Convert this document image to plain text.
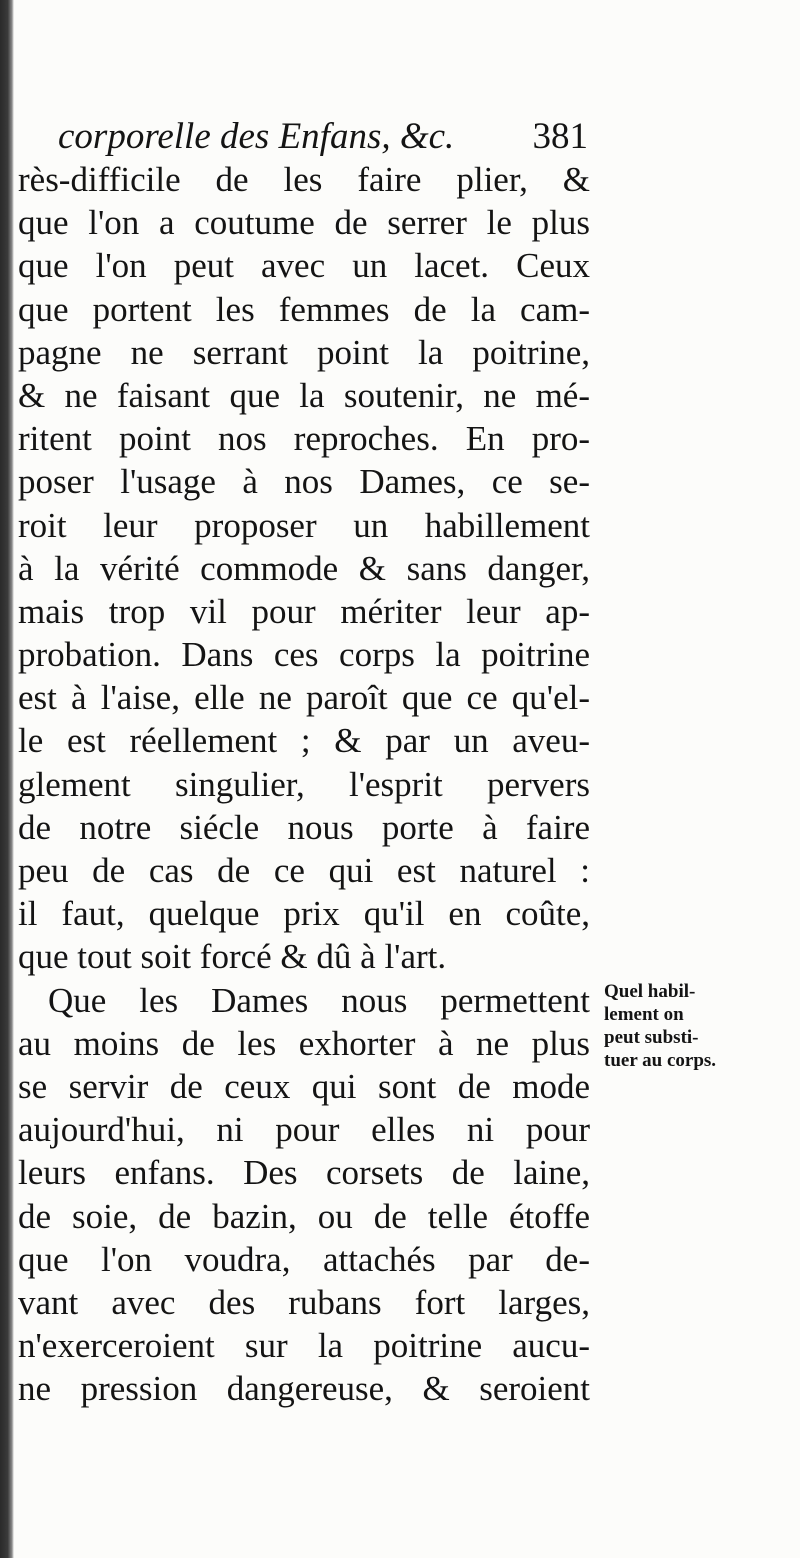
corporelle des Enfans, &c. 381
rès-difficile de les faire plier, &
que l'on a coutume de serrer le plus
que l'on peut avec un lacet. Ceux
que portent les femmes de la cam-
pagne ne serrant point la poitrine,
& ne faisant que la soutenir, ne mé-
ritent point nos reproches. En pro-
poser l'usage à nos Dames, ce se-
roit leur proposer un habillement
à la vérité commode & sans danger,
mais trop vil pour mériter leur ap-
probation. Dans ces corps la poitrine
est à l'aise, elle ne paroît que ce qu'el-
le est réellement ; & par un aveu-
glement singulier, l'esprit pervers
de notre siécle nous porte à faire
peu de cas de ce qui est naturel :
il faut, quelque prix qu'il en coûte,
que tout soit forcé & dû à l'art.
Que les Dames nous permettent
au moins de les exhorter à ne plus
se servir de ceux qui sont de mode
aujourd'hui, ni pour elles ni pour
leurs enfans. Des corsets de laine,
de soie, de bazin, ou de telle étoffe
que l'on voudra, attachés par de-
vant avec des rubans fort larges,
n'exerceroient sur la poitrine aucu-
ne pression dangereuse, & seroient
Quel habil-
lement on
peut substi-
tuer au corps.
